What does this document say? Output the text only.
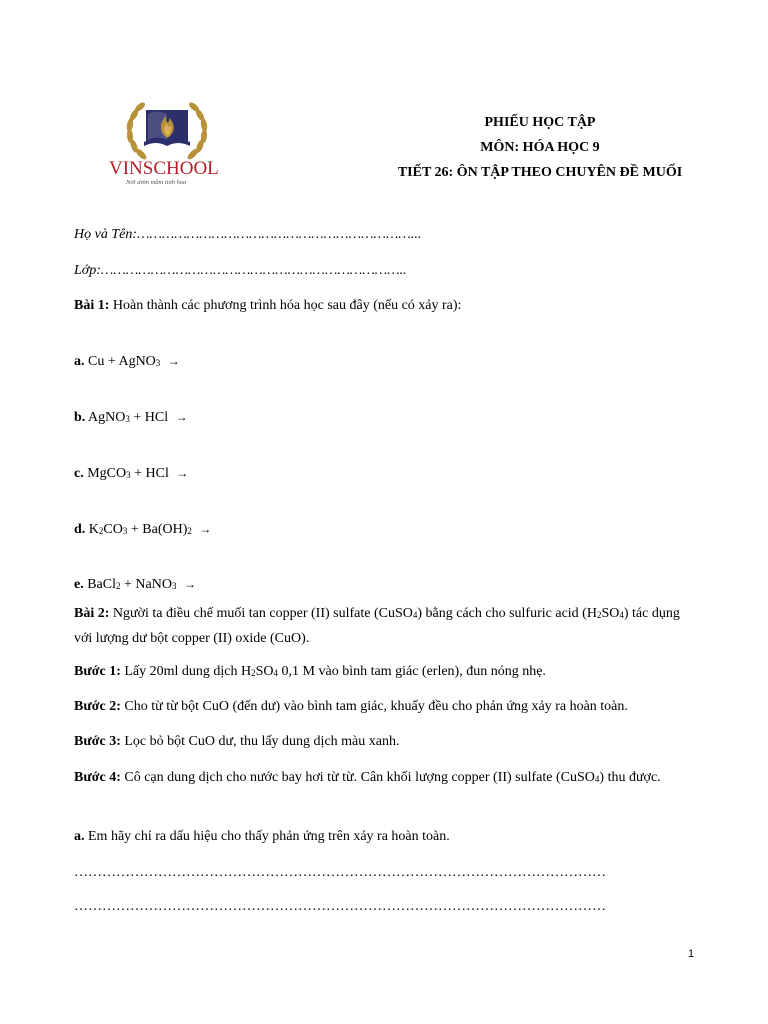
VINSCHOOL
Nơi ươm mầm tinh hoa
PHIẾU HỌC TẬP
MÔN: HÓA HỌC 9
TIẾT 26: ÔN TẬP THEO CHUYÊN ĐỀ MUỐI
Họ và Tên:…………………………………………………………...
Lớp:………………………………………………………………..
Bài 1: Hoàn thành các phương trình hóa học sau đây (nếu có xảy ra):
a. Cu + AgNO$_3$ →
b. AgNO$_3$ + HCl →
c. MgCO$_3$ + HCl →
d. $K_2CO_3 + Ba(OH)_2$ →
e. BaCl$_2$ + NaNO$_3$ →
Bài 2: Người ta điều chế muối tan copper (II) sulfate (CuSO$_4$) bằng cách cho sulfuric acid $(H_2SO_4)$ tác dụng với lượng dư bột copper (II) oxide (CuO).
Bước 1: Lấy 20ml dung dịch $H_2SO_4$ 0,1 M vào bình tam giác (erlen), đun nóng nhẹ.
Bước 2: Cho từ từ bột CuO (đến dư) vào bình tam giác, khuấy đều cho phản ứng xảy ra hoàn toàn.
Bước 3: Lọc bỏ bột CuO dư, thu lấy dung dịch màu xanh.
Bước 4: Cô cạn dung dịch cho nước bay hơi từ từ. Cân khối lượng copper (II) sulfate (CuSO$_4$) thu được.
a. Em hãy chỉ ra dấu hiệu cho thấy phản ứng trên xảy ra hoàn toàn.
……………………………………………………………………………………………………
……………………………………………………………………………………………………
1
